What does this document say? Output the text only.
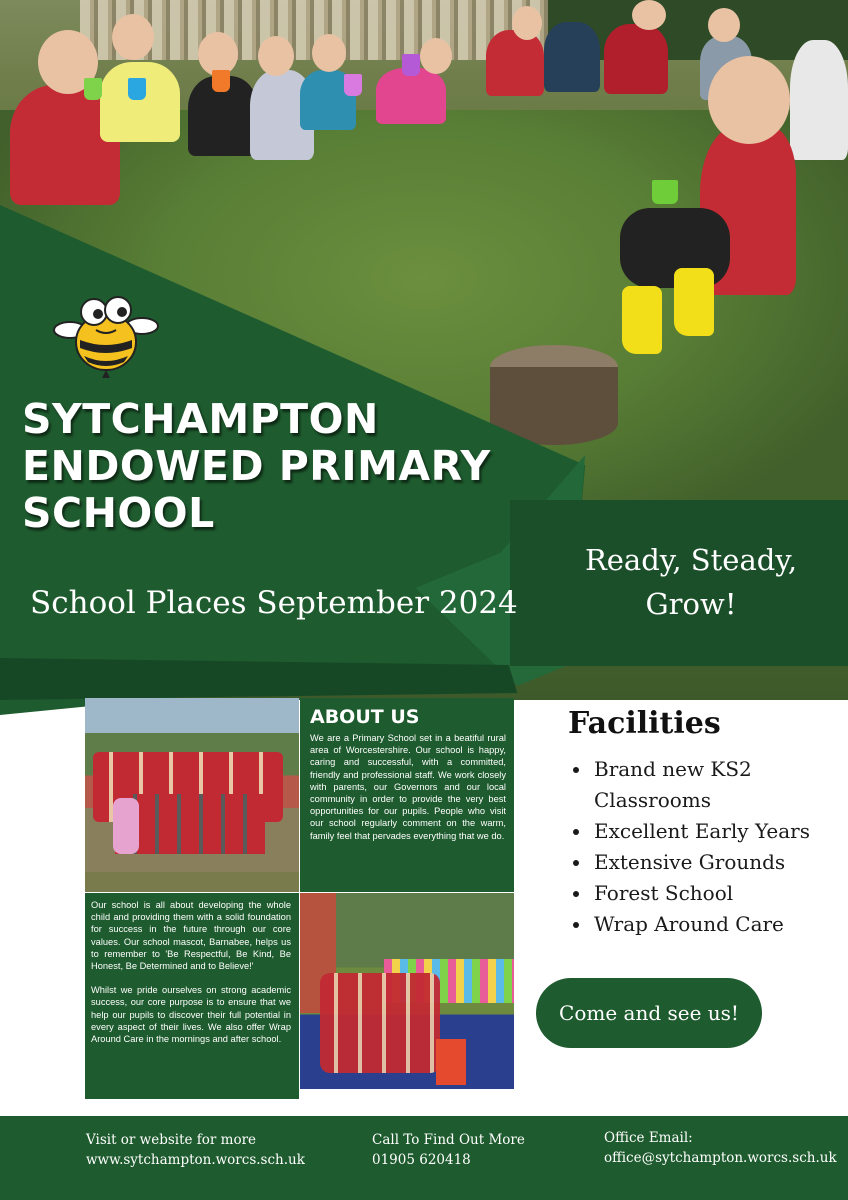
SYTCHAMPTON
ENDOWED PRIMARY
SCHOOL
School Places September 2024
Ready, Steady,
Grow!
ABOUT US

We are a Primary School set in a beatiful rural area of Worcestershire. Our school is happy, caring and successful, with a committed, friendly and professional staff. We work closely with parents, our Governors and our local community in order to provide the very best opportunities for our pupils. People who visit our school regularly comment on the warm, family feel that pervades everything that we do.

Our school is all about developing the whole child and providing them with a solid foundation for success in the future through our core values. Our school mascot, Barnabee, helps us to remember to 'Be Respectful, Be Kind, Be Honest, Be Determined and to Believe!'

Whilst we pride ourselves on strong academic success, our core purpose is to ensure that we help our pupils to discover their full potential in every aspect of their lives. We also offer Wrap Around Care in the mornings and after school.

Facilities
• Brand new KS2 Classrooms
• Excellent Early Years
• Extensive Grounds
• Forest School
• Wrap Around Care
Come and see us!
Visit or website for more
www.sytchampton.worcs.sch.uk
Call To Find Out More
01905 620418
Office Email:
office@sytchampton.worcs.sch.uk
